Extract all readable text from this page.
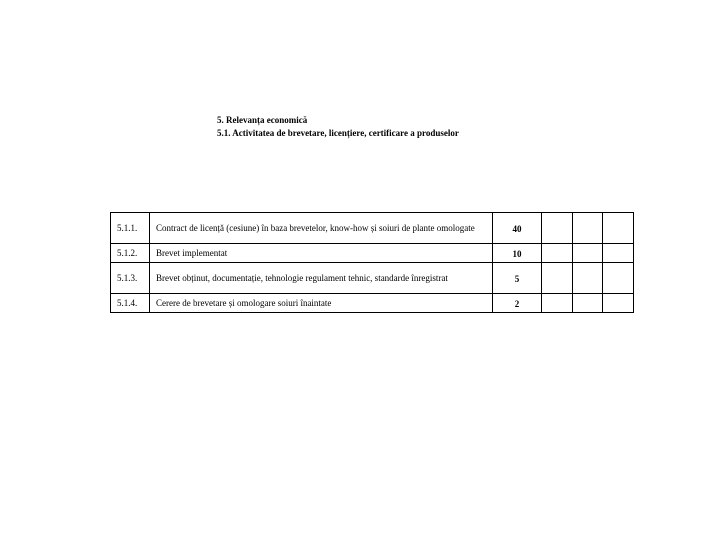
5. Relevanța economică
5.1. Activitatea de brevetare, licențiere, certificare a produselor
5.1.1.	Contract de licență (cesiune) în baza brevetelor, know-how și soiuri de plante omologate	40			
5.1.2.	Brevet implementat	10			
5.1.3.	Brevet obținut, documentație, tehnologie regulament tehnic, standarde înregistrat	5			
5.1.4.	Cerere de brevetare și omologare soiuri înaintate	2			
